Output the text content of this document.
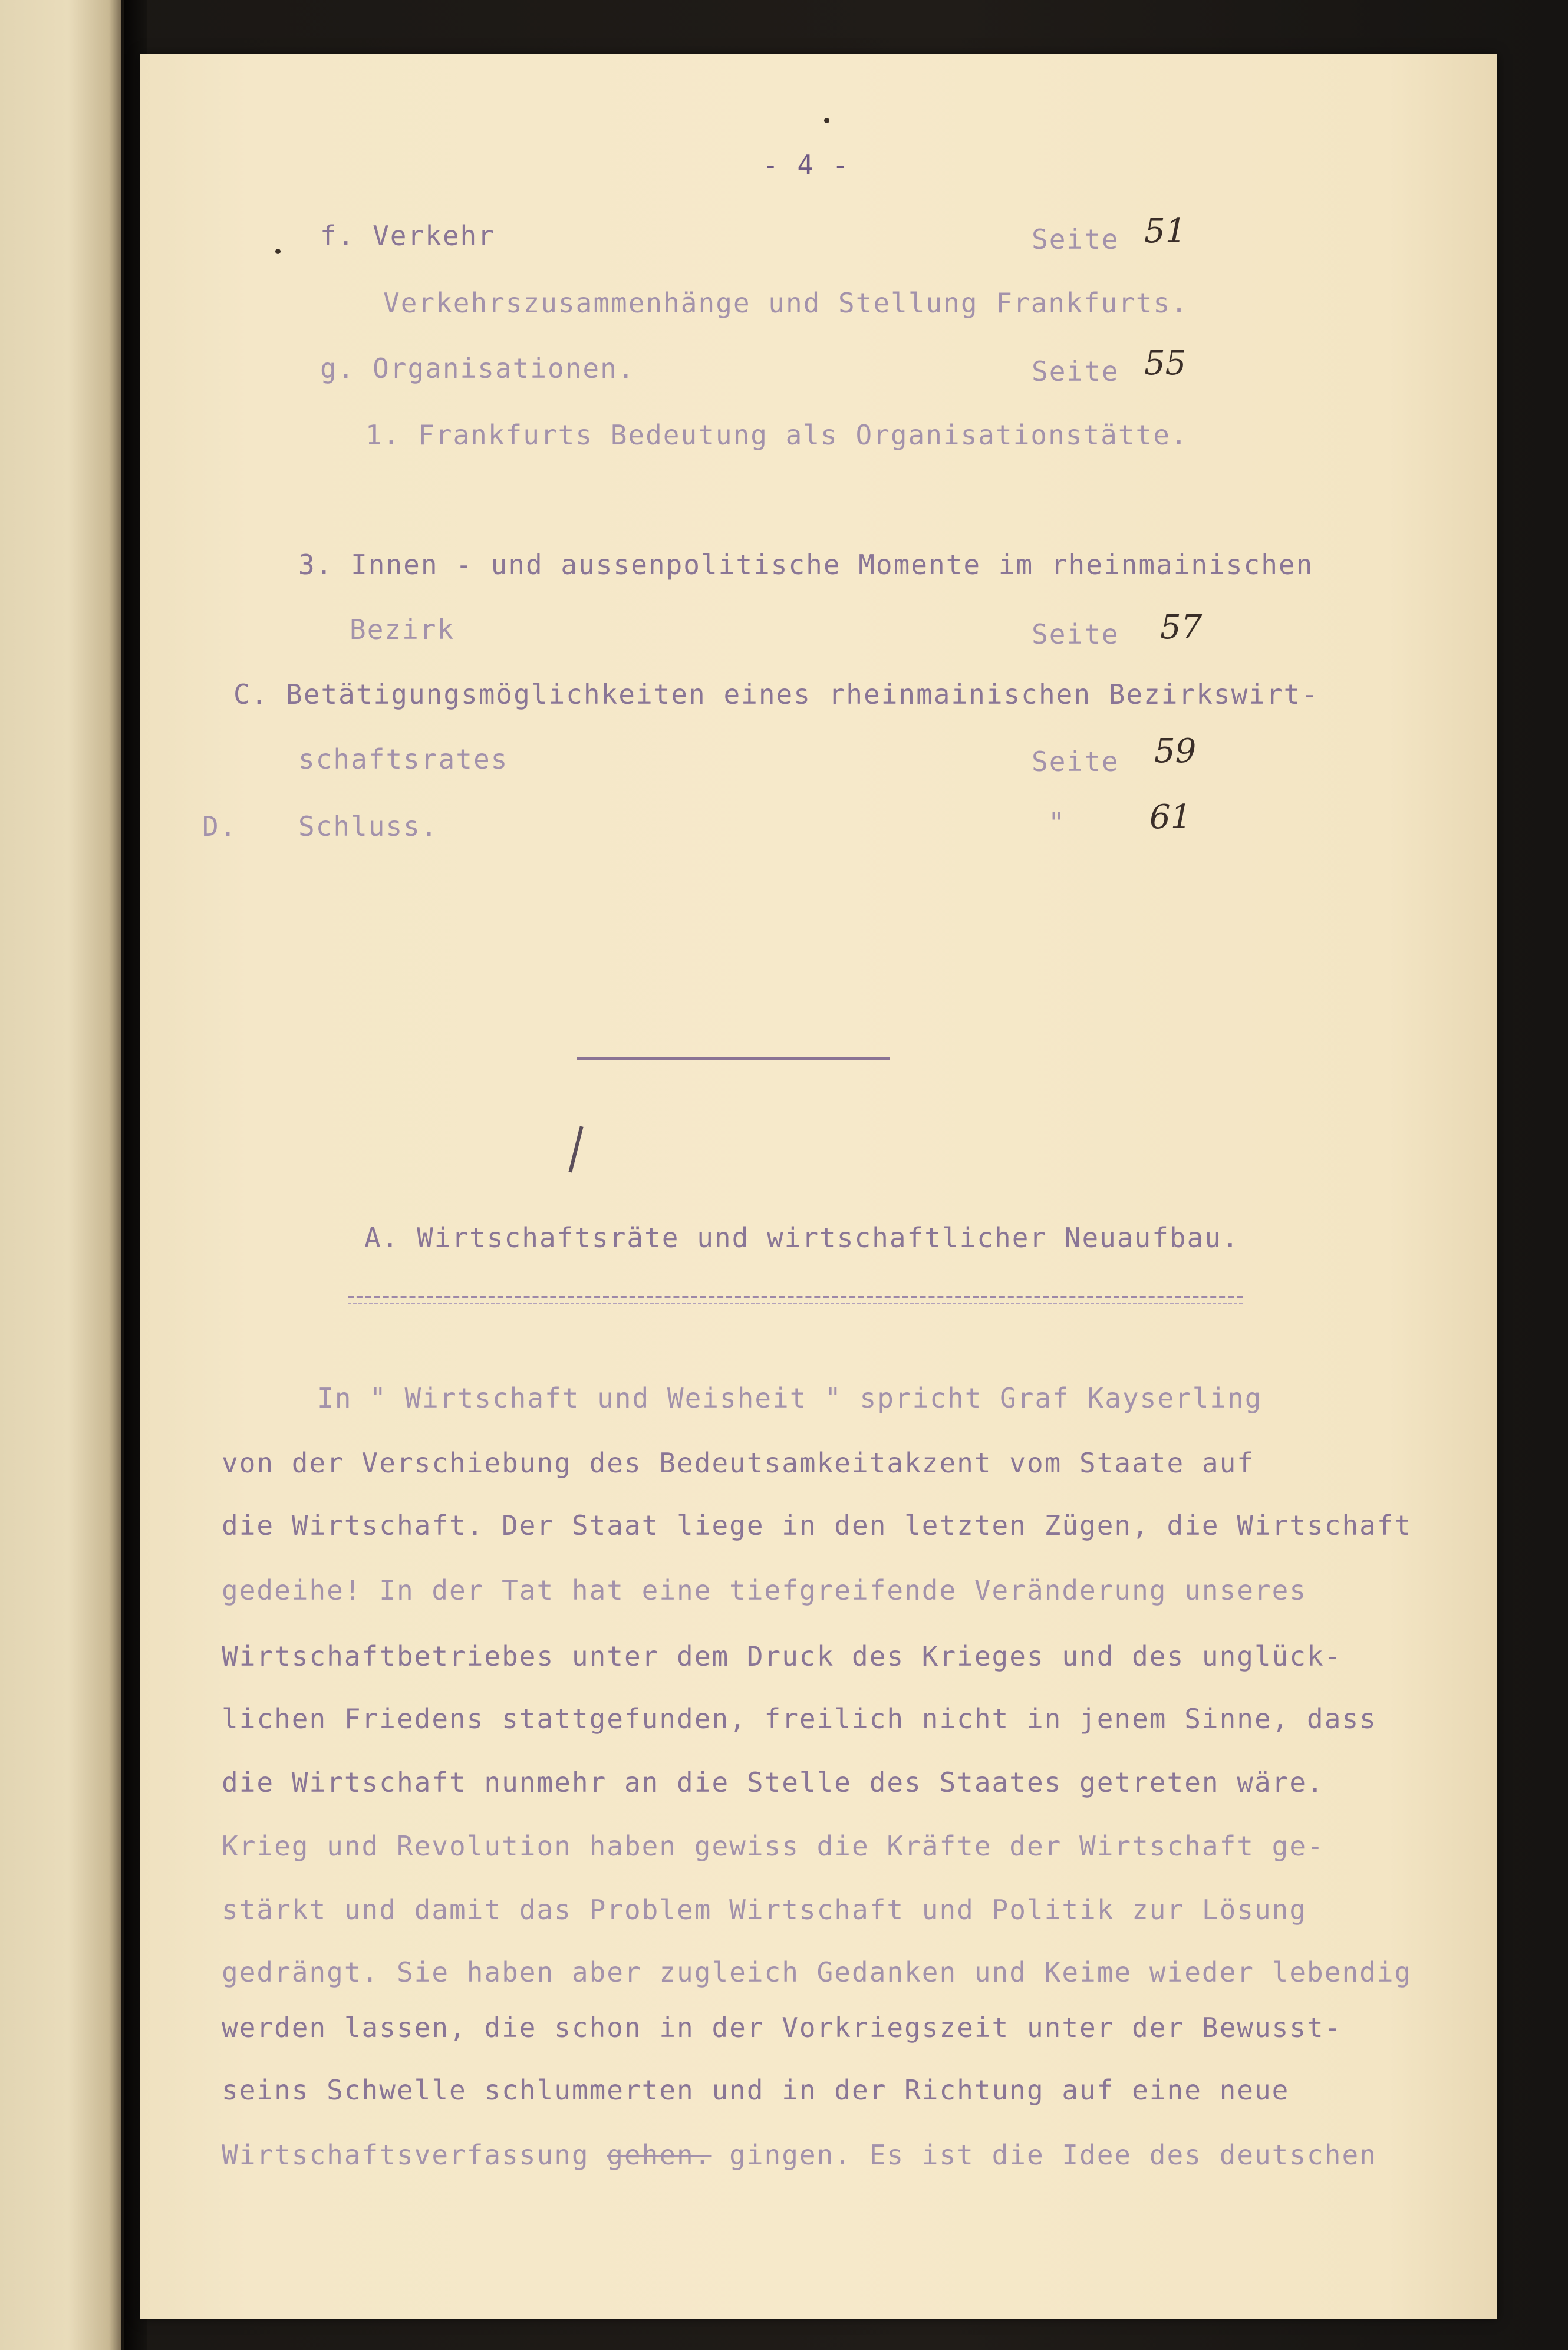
- 4 -
f. Verkehr	Seite 51
Verkehrszusammenhänge und Stellung Frankfurts.
g. Organisationen.	Seite 55
1. Frankfurts Bedeutung als Organisationstätte.
3. Innen - und aussenpolitische Momente im rheinmainischen
Bezirk	Seite 57
C. Betätigungsmöglichkeiten eines rheinmainischen Bezirkswirt-
schaftsrates	Seite 59
D. Schluss.	"	61
A. Wirtschaftsräte und wirtschaftlicher Neuaufbau.
In " Wirtschaft und Weisheit " spricht Graf Kayserling
von der Verschiebung des Bedeutsamkeitakzent vom Staate auf
die Wirtschaft. Der Staat liege in den letzten Zügen, die Wirtschaft
gedeihe! In der Tat hat eine tiefgreifende Veränderung unseres
Wirtschaftbetriebes unter dem Druck des Krieges und des unglück-
lichen Friedens stattgefunden, freilich nicht in jenem Sinne, dass
die Wirtschaft nunmehr an die Stelle des Staates getreten wäre.
Krieg und Revolution haben gewiss die Kräfte der Wirtschaft ge-
stärkt und damit das Problem Wirtschaft und Politik zur Lösung
gedrängt. Sie haben aber zugleich Gedanken und Keime wieder lebendig
werden lassen, die schon in der Vorkriegszeit unter der Bewusst-
seins Schwelle schlummerten und in der Richtung auf eine neue
Wirtschaftsverfassung gehen. gingen. Es ist die Idee des deutschen
